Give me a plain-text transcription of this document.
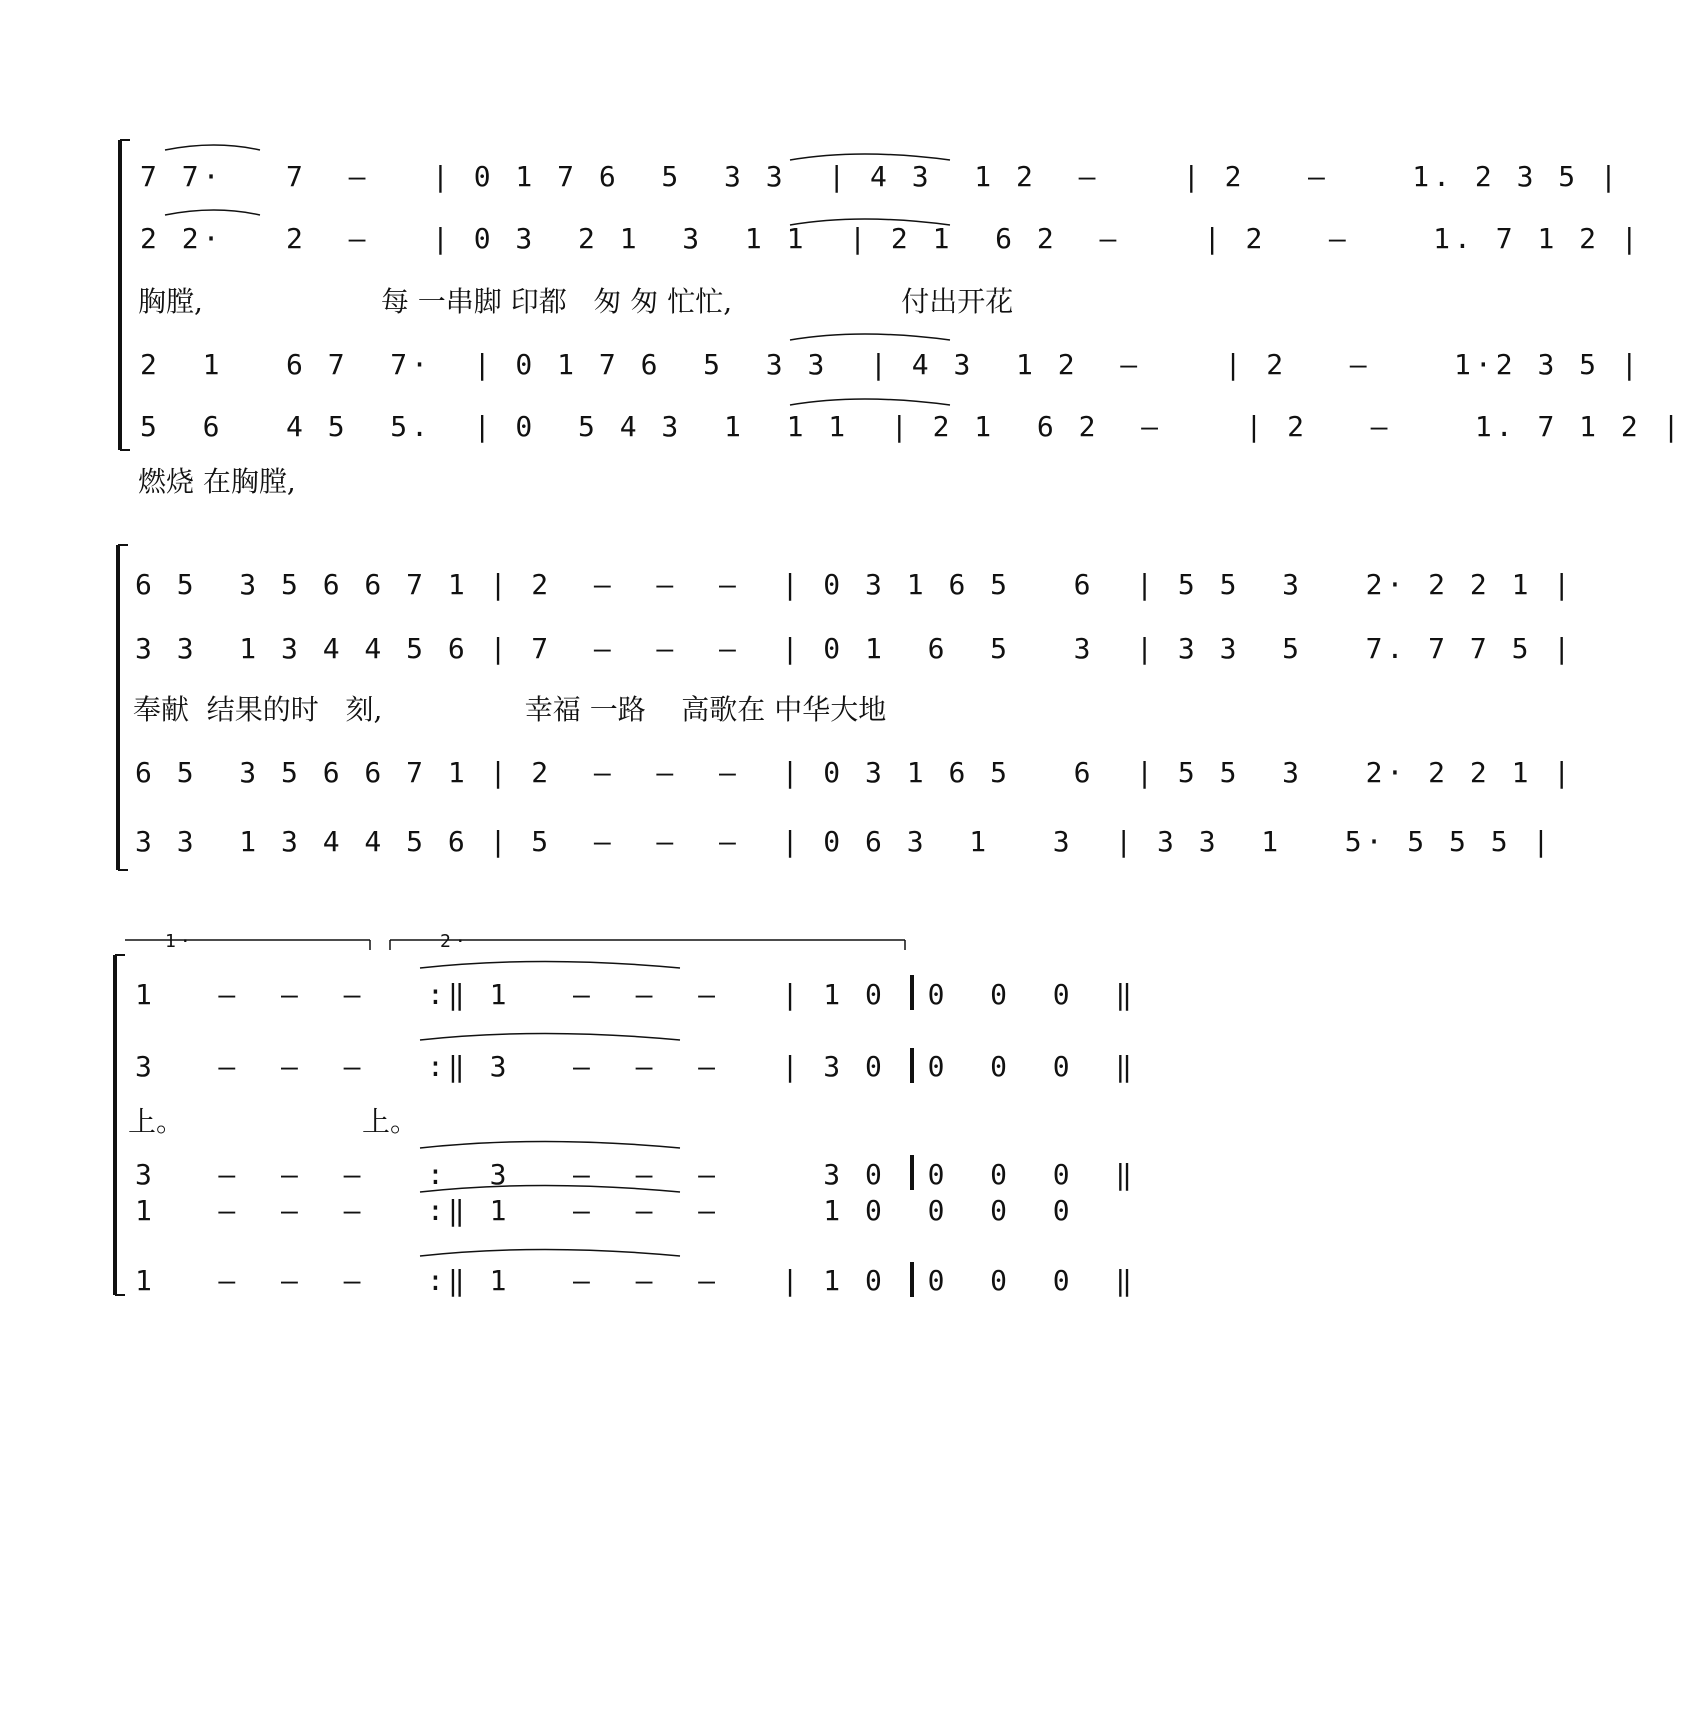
7 7·   7  –   | 0 1 7 6  5  3 3  | 4 3  1 2  –    | 2   –    1. 2 3 5 |
2 2·   2  –   | 0 3  2 1  3  1 1  | 2 1  6 2  –    | 2   –    1. 7 1 2 |
胸膛,                    每 一串脚 印都   匆 匆 忙忙,                   付出开花
2  1   6 7  7·  | 0 1 7 6  5  3 3  | 4 3  1 2  –    | 2   –    1·2 3 5 |
5  6   4 5  5.  | 0  5 4 3  1  1 1  | 2 1  6 2  –    | 2   –    1. 7 1 2 |
燃烧 在胸膛,
6 5  3 5 6 6 7 1 | 2  –  –  –  | 0 3 1 6 5   6  | 5 5  3   2· 2 2 1 |
3 3  1 3 4 4 5 6 | 7  –  –  –  | 0 1  6  5   3  | 3 3  5   7. 7 7 5 |
奉献  结果的时   刻,                幸福 一路    高歌在 中华大地
6 5  3 5 6 6 7 1 | 2  –  –  –  | 0 3 1 6 5   6  | 5 5  3   2· 2 2 1 |
3 3  1 3 4 4 5 6 | 5  –  –  –  | 0 6 3  1   3  | 3 3  1   5· 5 5 5 |
1·	2·
1   –  –  –   :‖ 1   –  –  –   | 1 0  0  0  0  ‖
3   –  –  –   :‖ 3   –  –  –   | 3 0  0  0  0  ‖
上。                    上。
3   –  –  –   :  3   –  –  –     3 0  0  0  0  ‖
1   –  –  –   :‖ 1   –  –  –     1 0  0  0  0
1   –  –  –   :‖ 1   –  –  –   | 1 0  0  0  0  ‖
